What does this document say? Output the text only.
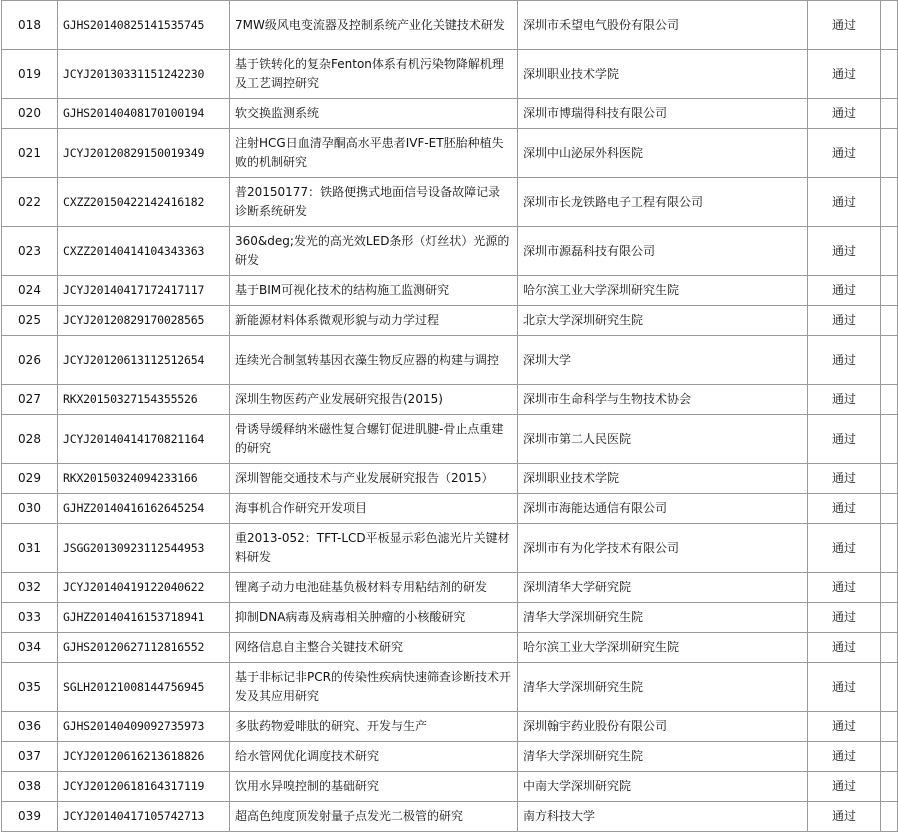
018	GJHS20140825141535745	7MW级风电变流器及控制系统产业化关键技术研发	深圳市禾望电气股份有限公司	通过	
019	JCYJ20130331151242230	基于铁转化的复杂Fenton体系有机污染物降解机理及工艺调控研究	深圳职业技术学院	通过	
020	GJHS20140408170100194	软交换监测系统	深圳市博瑞得科技有限公司	通过	
021	JCYJ20120829150019349	注射HCG日血清孕酮高水平患者IVF-ET胚胎种植失败的机制研究	深圳中山泌尿外科医院	通过	
022	CXZZ20150422142416182	普20150177：铁路便携式地面信号设备故障记录诊断系统研发	深圳市长龙铁路电子工程有限公司	通过	
023	CXZZ20140414104343363	360&deg;发光的高光效LED条形（灯丝状）光源的研发	深圳市源磊科技有限公司	通过	
024	JCYJ20140417172417117	基于BIM可视化技术的结构施工监测研究	哈尔滨工业大学深圳研究生院	通过	
025	JCYJ20120829170028565	新能源材料体系微观形貌与动力学过程	北京大学深圳研究生院	通过	
026	JCYJ20120613112512654	连续光合制氢转基因衣藻生物反应器的构建与调控	深圳大学	通过	
027	RKX20150327154355526	深圳生物医药产业发展研究报告(2015)	深圳市生命科学与生物技术协会	通过	
028	JCYJ20140414170821164	骨诱导缓释纳米磁性复合螺钉促进肌腱-骨止点重建的研究	深圳市第二人民医院	通过	
029	RKX20150324094233166	深圳智能交通技术与产业发展研究报告（2015）	深圳职业技术学院	通过	
030	GJHZ20140416162645254	海事机合作研究开发项目	深圳市海能达通信有限公司	通过	
031	JSGG20130923112544953	重2013-052：TFT-LCD平板显示彩色滤光片关键材料研发	深圳市有为化学技术有限公司	通过	
032	JCYJ20140419122040622	锂离子动力电池硅基负极材料专用粘结剂的研发	深圳清华大学研究院	通过	
033	GJHZ20140416153718941	抑制DNA病毒及病毒相关肿瘤的小核酸研究	清华大学深圳研究生院	通过	
034	GJHS20120627112816552	网络信息自主整合关键技术研究	哈尔滨工业大学深圳研究生院	通过	
035	SGLH20121008144756945	基于非标记非PCR的传染性疾病快速筛查诊断技术开发及其应用研究	清华大学深圳研究生院	通过	
036	GJHS20140409092735973	多肽药物爱啡肽的研究、开发与生产	深圳翰宇药业股份有限公司	通过	
037	JCYJ20120616213618826	给水管网优化调度技术研究	清华大学深圳研究生院	通过	
038	JCYJ20120618164317119	饮用水异嗅控制的基础研究	中南大学深圳研究院	通过	
039	JCYJ20140417105742713	超高色纯度顶发射量子点发光二极管的研究	南方科技大学	通过	
